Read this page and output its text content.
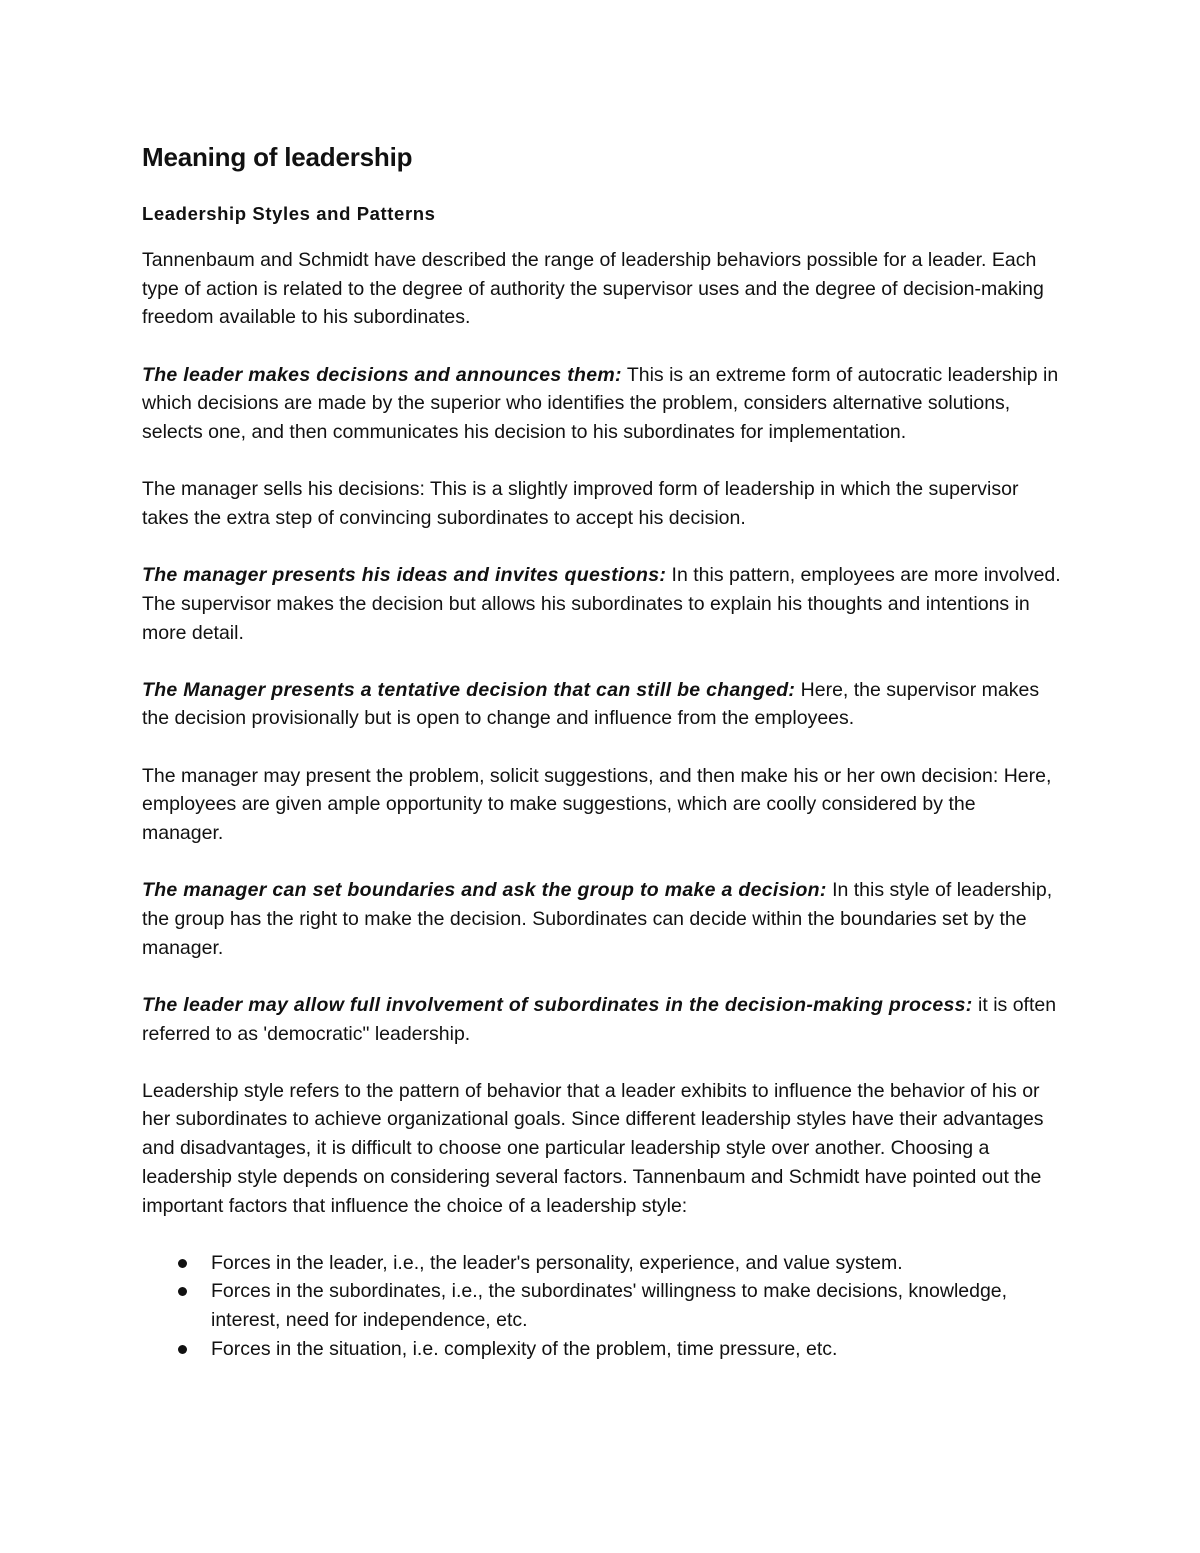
Meaning of leadership
Leadership Styles and Patterns

Tannenbaum and Schmidt have described the range of leadership behaviors possible for a leader. Each type of action is related to the degree of authority the supervisor uses and the degree of decision-making freedom available to his subordinates.

The leader makes decisions and announces them: This is an extreme form of autocratic leadership in which decisions are made by the superior who identifies the problem, considers alternative solutions, selects one, and then communicates his decision to his subordinates for implementation.

The manager sells his decisions: This is a slightly improved form of leadership in which the supervisor takes the extra step of convincing subordinates to accept his decision.

The manager presents his ideas and invites questions: In this pattern, employees are more involved. The supervisor makes the decision but allows his subordinates to explain his thoughts and intentions in more detail.

The Manager presents a tentative decision that can still be changed: Here, the supervisor makes the decision provisionally but is open to change and influence from the employees.

The manager may present the problem, solicit suggestions, and then make his or her own decision: Here, employees are given ample opportunity to make suggestions, which are coolly considered by the manager.

The manager can set boundaries and ask the group to make a decision: In this style of leadership, the group has the right to make the decision. Subordinates can decide within the boundaries set by the manager.

The leader may allow full involvement of subordinates in the decision-making process: it is often referred to as 'democratic" leadership.

Leadership style refers to the pattern of behavior that a leader exhibits to influence the behavior of his or her subordinates to achieve organizational goals. Since different leadership styles have their advantages and disadvantages, it is difficult to choose one particular leadership style over another. Choosing a leadership style depends on considering several factors. Tannenbaum and Schmidt have pointed out the important factors that influence the choice of a leadership style:

Forces in the leader, i.e., the leader's personality, experience, and value system.
Forces in the subordinates, i.e., the subordinates' willingness to make decisions, knowledge, interest, need for independence, etc.
Forces in the situation, i.e. complexity of the problem, time pressure, etc.
